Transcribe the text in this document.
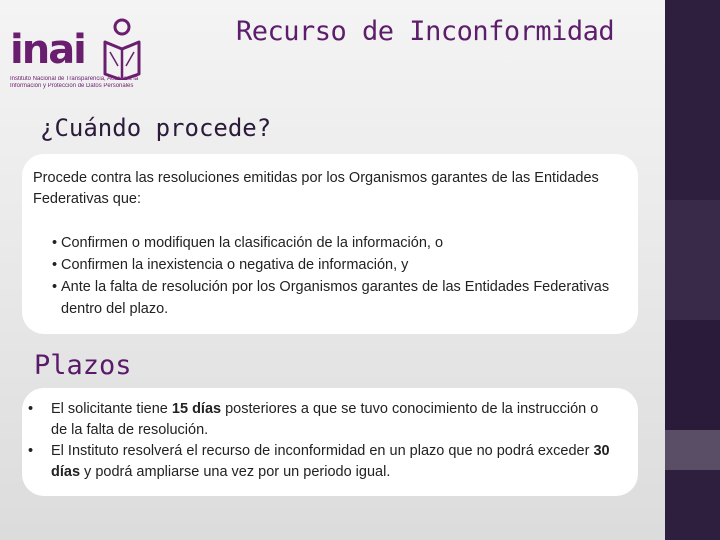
inai
Instituto Nacional de Transparencia, Acceso a la
Información y Protección de Datos Personales
Recurso de Inconformidad
¿Cuándo procede?
Procede contra las resoluciones emitidas por los Organismos garantes de las Entidades Federativas que:
• Confirmen o modifiquen la clasificación de la información, o
• Confirmen la inexistencia o negativa de información, y
• Ante la falta de resolución por los Organismos garantes de las Entidades Federativas dentro del plazo.
Plazos
• El solicitante tiene 15 días posteriores a que se tuvo conocimiento de la instrucción o de la falta de resolución.
• El Instituto resolverá el recurso de inconformidad en un plazo que no podrá exceder 30 días y podrá ampliarse una vez por un periodo igual.
